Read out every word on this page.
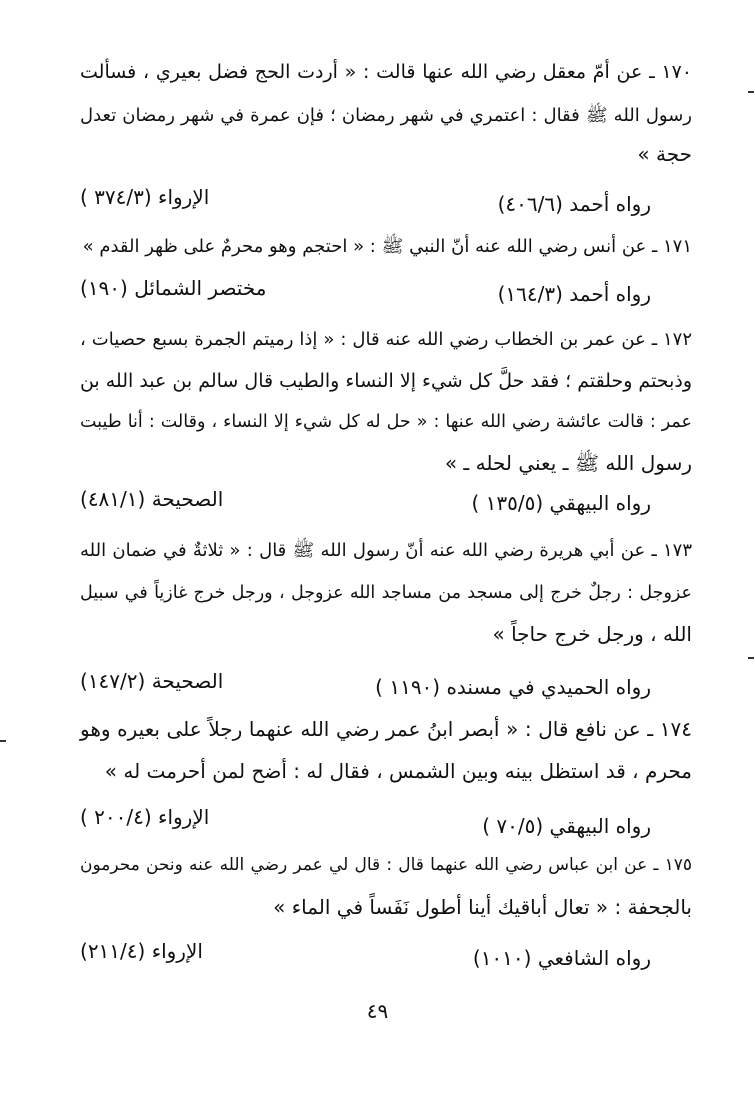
١٧٠ ـ عن أمّ معقل رضي الله عنها قالت : « أردت الحج فضل بعيري ، فسألت
رسول الله ﷺ فقال : اعتمري في شهر رمضان ؛ فإن عمرة في شهر رمضان تعدل
حجة »
رواه أحمد (٤٠٦/٦)
الإرواء (٣٧٤/٣ )
١٧١ ـ عن أنس رضي الله عنه أنّ النبي ﷺ : « احتجم وهو محرمٌ على ظهر القدم »
رواه أحمد (١٦٤/٣)
مختصر الشمائل (١٩٠)
١٧٢ ـ عن عمر بن الخطاب رضي الله عنه قال : « إذا رميتم الجمرة بسبع حصيات ،
وذبحتم وحلقتم ؛ فقد حلَّ كل شيء إلا النساء والطيب قال سالم بن عبد الله بن
عمر : قالت عائشة رضي الله عنها : « حل له كل شيء إلا النساء ، وقالت : أنا طيبت
رسول الله ﷺ ـ يعني لحله ـ »
رواه البيهقي (١٣٥/٥ )
الصحيحة (٤٨١/١)
١٧٣ ـ عن أبي هريرة رضي الله عنه أنّ رسول الله ﷺ قال : « ثلاثةٌ في ضمان الله
عزوجل : رجلٌ خرج إلى مسجد من مساجد الله عزوجل ، ورجل خرج غازياً في سبيل
الله ، ورجل خرج حاجاً »
رواه الحميدي في مسنده (١١٩٠ )
الصحيحة (١٤٧/٢)
١٧٤ ـ عن نافع قال : « أبصر ابنُ عمر رضي الله عنهما رجلاً على بعيره وهو
محرم ، قد استظل بينه وبين الشمس ، فقال له : أضح لمن أحرمت له »
رواه البيهقي (٧٠/٥ )
الإرواء (٢٠٠/٤ )
١٧٥ ـ عن ابن عباس رضي الله عنهما قال : قال لي عمر رضي الله عنه ونحن محرمون
بالجحفة : « تعال أباقيك أينا أطول نَفَساً في الماء »
رواه الشافعي (١٠١٠)
الإرواء (٢١١/٤)
٤٩
